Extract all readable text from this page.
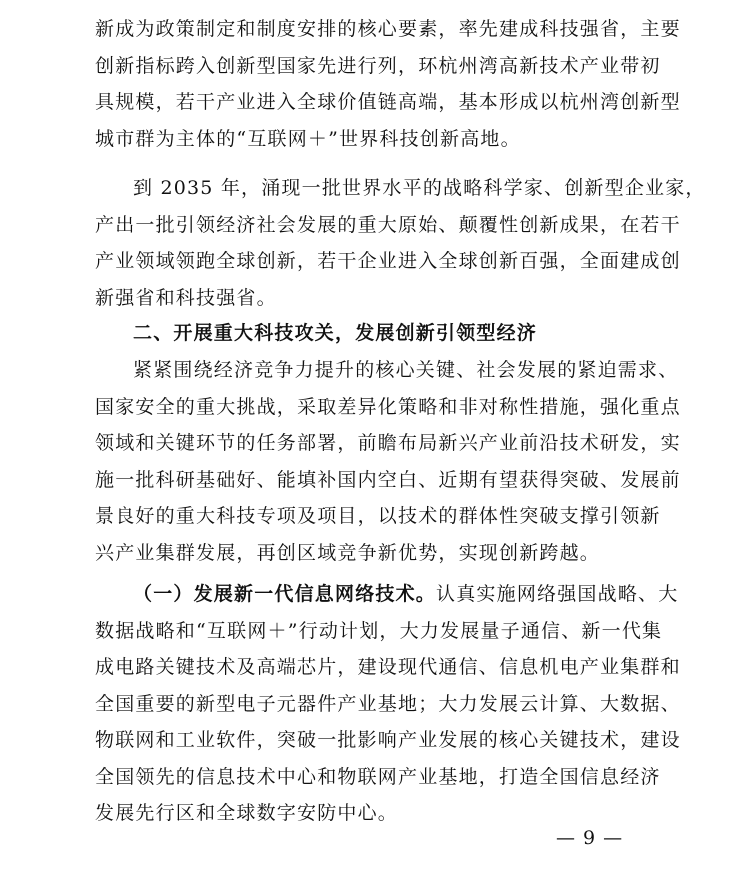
新成为政策制定和制度安排的核心要素，率先建成科技强省，主要
创新指标跨入创新型国家先进行列，环杭州湾高新技术产业带初
具规模，若干产业进入全球价值链高端，基本形成以杭州湾创新型
城市群为主体的“互联网＋”世界科技创新高地。
到 2035 年，涌现一批世界水平的战略科学家、创新型企业家，
产出一批引领经济社会发展的重大原始、颠覆性创新成果，在若干
产业领域领跑全球创新，若干企业进入全球创新百强，全面建成创
新强省和科技强省。
二、开展重大科技攻关，发展创新引领型经济
紧紧围绕经济竞争力提升的核心关键、社会发展的紧迫需求、
国家安全的重大挑战，采取差异化策略和非对称性措施，强化重点
领域和关键环节的任务部署，前瞻布局新兴产业前沿技术研发，实
施一批科研基础好、能填补国内空白、近期有望获得突破、发展前
景良好的重大科技专项及项目，以技术的群体性突破支撑引领新
兴产业集群发展，再创区域竞争新优势，实现创新跨越。
（一）发展新一代信息网络技术。认真实施网络强国战略、大
数据战略和“互联网＋”行动计划，大力发展量子通信、新一代集
成电路关键技术及高端芯片，建设现代通信、信息机电产业集群和
全国重要的新型电子元器件产业基地；大力发展云计算、大数据、
物联网和工业软件，突破一批影响产业发展的核心关键技术，建设
全国领先的信息技术中心和物联网产业基地，打造全国信息经济
发展先行区和全球数字安防中心。
— 9 —
